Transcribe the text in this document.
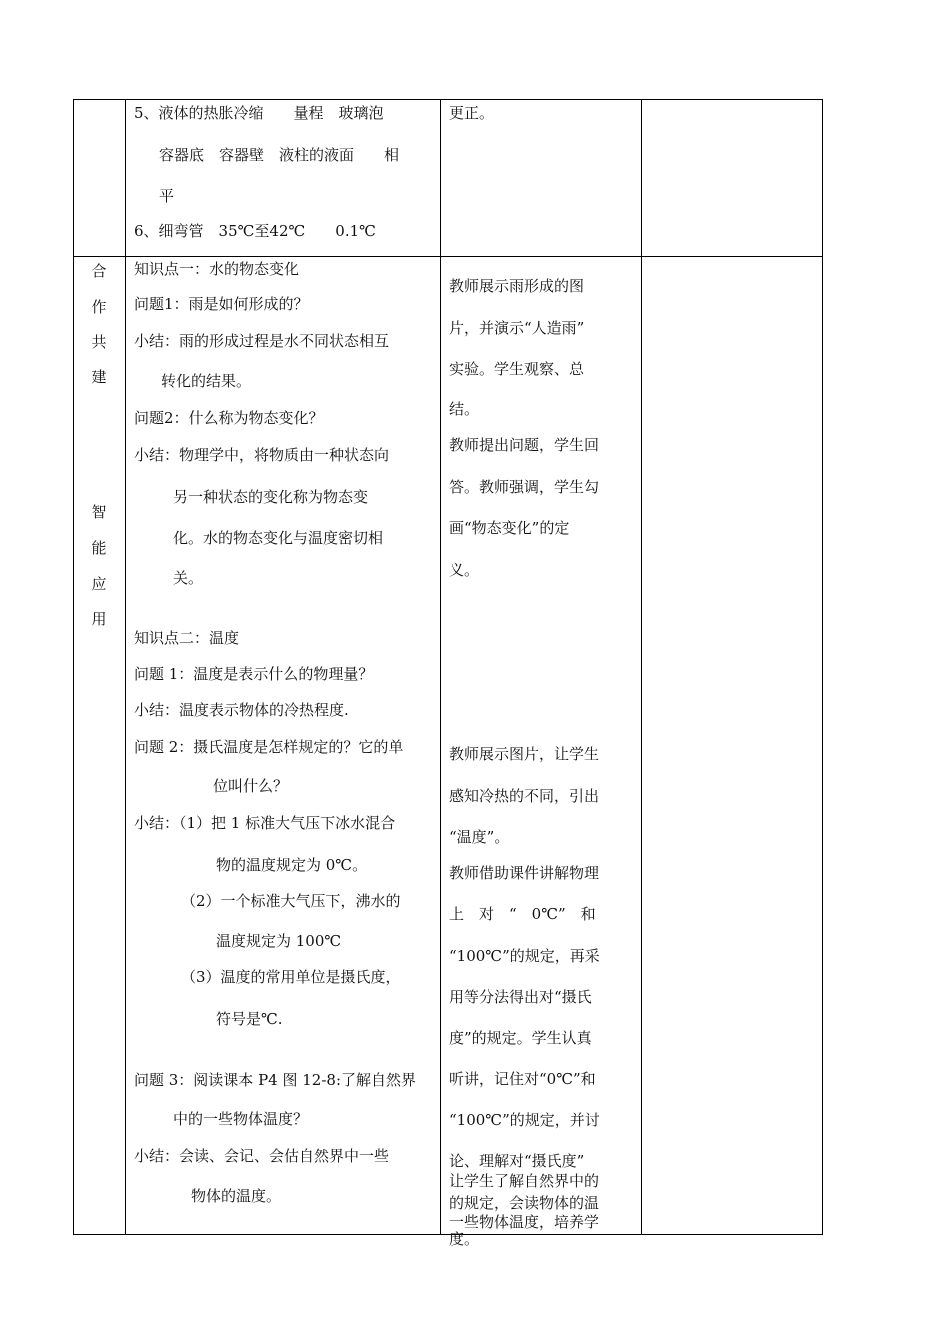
5、液体的热胀冷缩　　量程　玻璃泡
容器底　容器壁　液柱的液面　　相
平
6、细弯管　35℃至42℃　　0.1℃
更正。
合
作
共
建
智
能
应
用
知识点一：水的物态变化
问题1：雨是如何形成的？
小结：雨的形成过程是水不同状态相互
转化的结果。
问题2：什么称为物态变化？
小结：物理学中，将物质由一种状态向
另一种状态的变化称为物态变
化。水的物态变化与温度密切相
关。
知识点二：温度
问题 1：温度是表示什么的物理量？
小结：温度表示物体的冷热程度.
问题 2：摄氏温度是怎样规定的？它的单
位叫什么？
小结：（1）把 1 标准大气压下冰水混合
物的温度规定为 0℃。
（2）一个标准大气压下，沸水的
温度规定为 100℃
（3）温度的常用单位是摄氏度，
符号是℃.
问题 3：阅读课本 P4 图 12-8:了解自然界
中的一些物体温度？
小结：会读、会记、会估自然界中一些
物体的温度。
教师展示雨形成的图
片，并演示“人造雨”
实验。学生观察、总
结。
教师提出问题，学生回
答。教师强调，学生勾
画“物态变化”的定
义。
教师展示图片，让学生
感知冷热的不同，引出
“温度”。
教师借助课件讲解物理
上　对　“　0℃”　和
“100℃”的规定，再采
用等分法得出对“摄氏
度”的规定。学生认真
听讲，记住对“0℃”和
“100℃”的规定，并讨
论、理解对“摄氏度”
的规定，会读物体的温
度。
让学生了解自然界中的
一些物体温度，培养学
